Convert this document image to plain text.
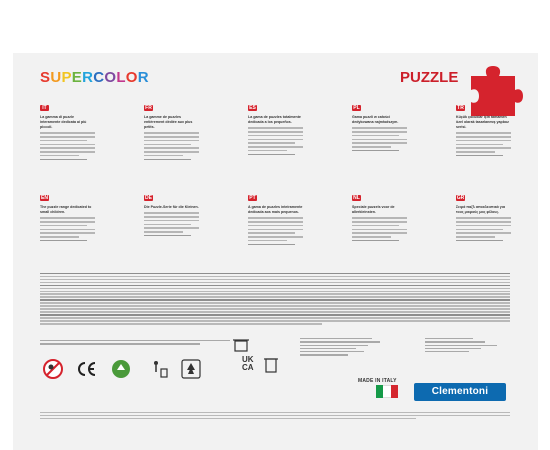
SUPERCOLOR	PUZZLE
IT
La gamma di puzzle interamente dedicata ai più piccoli.
FR
La gamme de puzzles entièrement dédiée aux plus petits.
ES
La gama de puzzles totalmente dedicada a los pequeños.
PL
Gama puzzli w całości dedykowana najmłodszym.
TR
Küçük çocuklar için tamamen özel olarak tasarlanmış yapboz serisi.
EN
The puzzle range dedicated to small children.
DE
Die Puzzle-Serie für die Kleinen.
PT
A gama de puzzles inteiramente dedicada aos mais pequenos.
NL
Speciale puzzels voor de allerkleinsten.
GR
Σειρά παζλ αποκλειστικά για τους μικρούς μας φίλους.
UK CA
MADE IN ITALY
Clementoni
